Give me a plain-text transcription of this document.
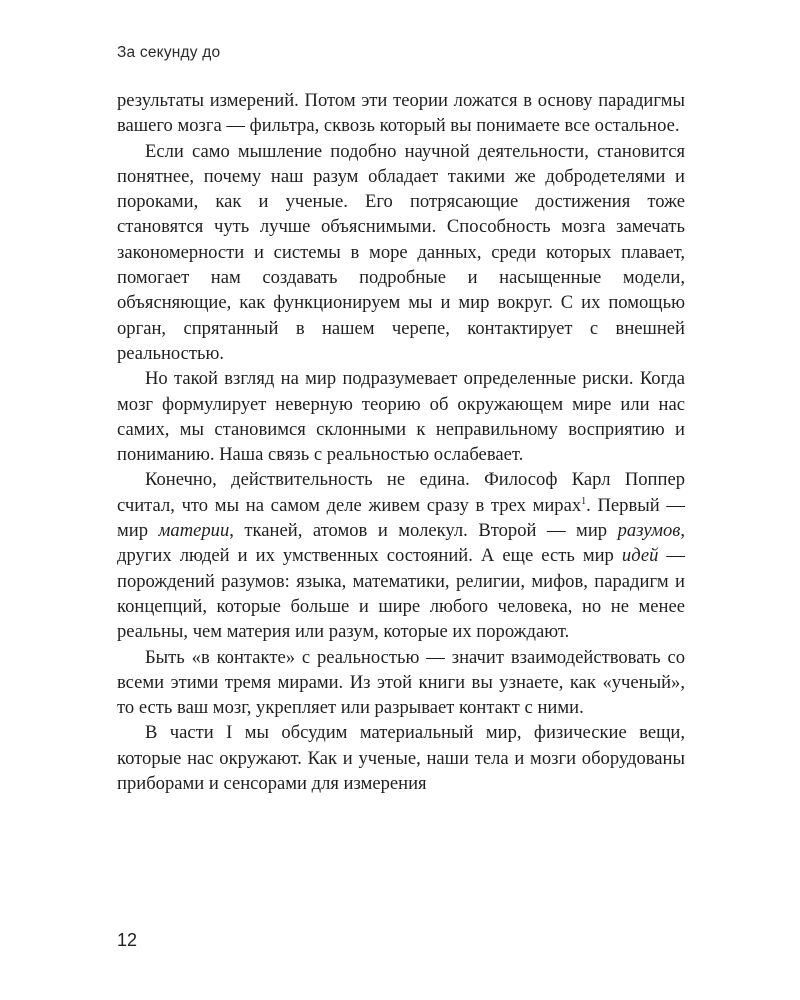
За секунду до

результаты измерений. Потом эти теории ложатся в основу парадигмы вашего мозга — фильтра, сквозь который вы понимаете все остальное.

Если само мышление подобно научной деятельности, становится понятнее, почему наш разум обладает такими же добродетелями и пороками, как и ученые. Его потрясающие достижения тоже становятся чуть лучше объяснимыми. Способность мозга замечать закономерности и системы в море данных, среди которых плавает, помогает нам создавать подробные и насыщенные модели, объясняющие, как функционируем мы и мир вокруг. С их помощью орган, спрятанный в нашем черепе, контактирует с внешней реальностью.

Но такой взгляд на мир подразумевает определенные риски. Когда мозг формулирует неверную теорию об окружающем мире или нас самих, мы становимся склонными к неправильному восприятию и пониманию. Наша связь с реальностью ослабевает.

Конечно, действительность не едина. Философ Карл Поппер считал, что мы на самом деле живем сразу в трех мирах$^1$. Первый — мир материи, тканей, атомов и молекул. Второй — мир разумов, других людей и их умственных состояний. А еще есть мир идей — порождений разумов: языка, математики, религии, мифов, парадигм и концепций, которые больше и шире любого человека, но не менее реальны, чем материя или разум, которые их порождают.

Быть «в контакте» с реальностью — значит взаимодействовать со всеми этими тремя мирами. Из этой книги вы узнаете, как «ученый», то есть ваш мозг, укрепляет или разрывает контакт с ними.

В части I мы обсудим материальный мир, физические вещи, которые нас окружают. Как и ученые, наши тела и мозги оборудованы приборами и сенсорами для измерения

12
